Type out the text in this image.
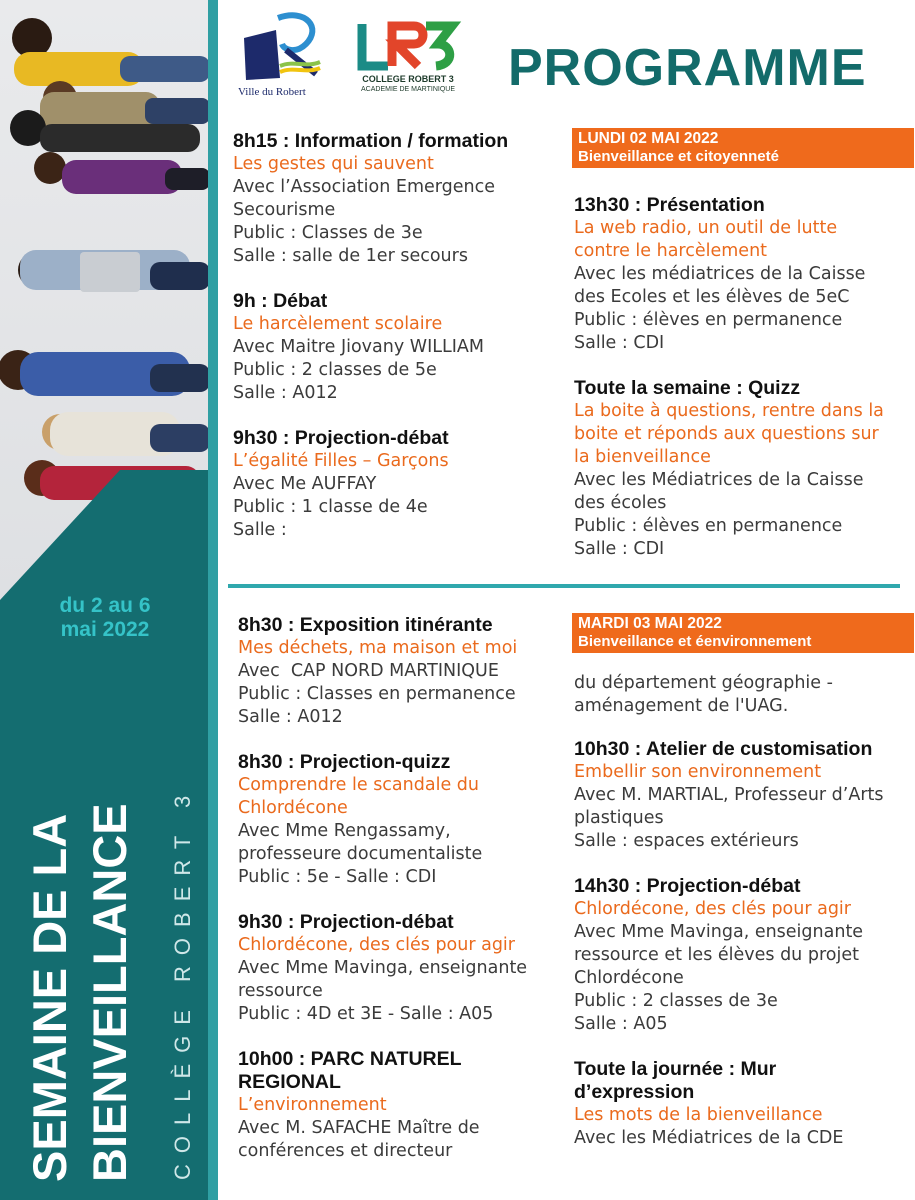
du 2 au 6
mai 2022
SEMAINE DE LA BIENVEILLANCE COLLÈGE ROBERT 3
Ville du Robert
COLLEGE ROBERT 3
ACADEMIE DE MARTINIQUE PROGRAMME
LUNDI 02 MAI 2022
Bienveillance et citoyenneté
8h15 : Information / formation
Les gestes qui sauvent
Avec l’Association Emergence Secourisme
Public : Classes de 3e
Salle : salle de 1er secours
9h : Débat
Le harcèlement scolaire
Avec Maitre Jiovany WILLIAM
Public : 2 classes de 5e
Salle : A012
9h30 : Projection-débat
L’égalité Filles – Garçons
Avec Me AUFFAY
Public : 1 classe de 4e
Salle :
13h30 : Présentation
La web radio, un outil de lutte contre le harcèlement
Avec les médiatrices de la Caisse des Ecoles et les élèves de 5eC
Public : élèves en permanence
Salle : CDI
Toute la semaine : Quizz
La boite à questions, rentre dans la boite et réponds aux questions sur la bienveillance
Avec les Médiatrices de la Caisse des écoles
Public : élèves en permanence
Salle : CDI
MARDI 03 MAI 2022
Bienveillance et éenvironnement
8h30 : Exposition itinérante
Mes déchets, ma maison et moi
Avec  CAP NORD MARTINIQUE
Public : Classes en permanence
Salle : A012
8h30 : Projection-quizz
Comprendre le scandale du Chlordécone
Avec Mme Rengassamy, professeure documentaliste
Public : 5e - Salle : CDI
9h30 : Projection-débat
Chlordécone, des clés pour agir
Avec Mme Mavinga, enseignante ressource
Public : 4D et 3E - Salle : A05
10h00 : PARC NATUREL REGIONAL
L’environnement
Avec M. SAFACHE Maître de conférences et directeur
du département géographie - aménagement de l'UAG.
10h30 : Atelier de customisation
Embellir son environnement
Avec M. MARTIAL, Professeur d’Arts plastiques
Salle : espaces extérieurs
14h30 : Projection-débat
Chlordécone, des clés pour agir
Avec Mme Mavinga, enseignante ressource et les élèves du projet Chlordécone
Public : 2 classes de 3e
Salle : A05
Toute la journée : Mur d’expression
Les mots de la bienveillance
Avec les Médiatrices de la CDE
